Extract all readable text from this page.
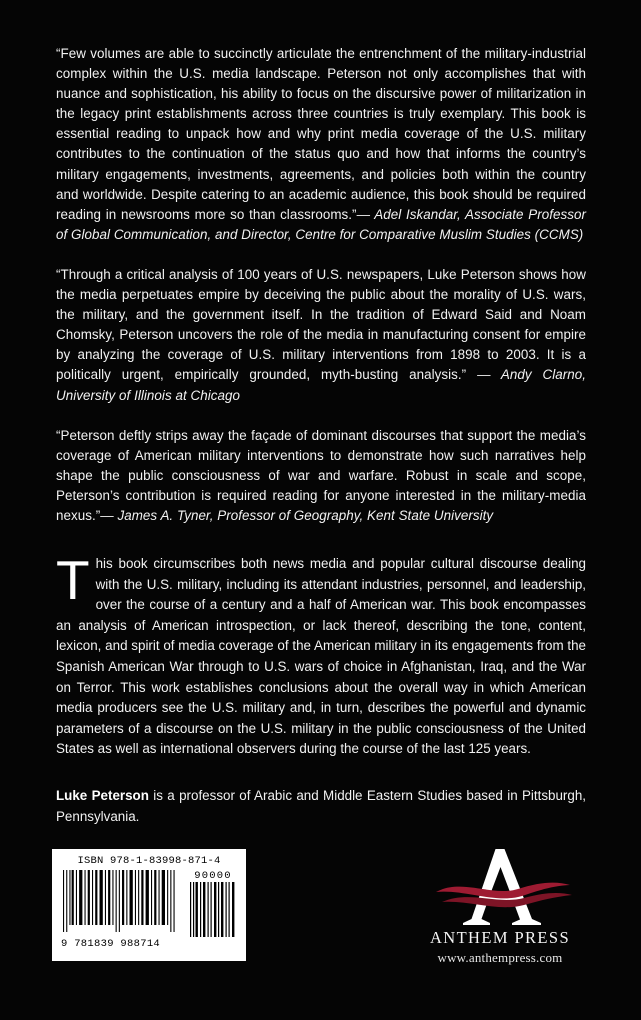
“Few volumes are able to succinctly articulate the entrenchment of the military-industrial complex within the U.S. media landscape. Peterson not only accomplishes that with nuance and sophistication, his ability to focus on the discursive power of militarization in the legacy print establishments across three countries is truly exemplary. This book is essential reading to unpack how and why print media coverage of the U.S. military contributes to the continuation of the status quo and how that informs the country’s military engagements, investments, agreements, and policies both within the country and worldwide. Despite catering to an academic audience, this book should be required reading in newsrooms more so than classrooms.”— Adel Iskandar, Associate Professor of Global Communication, and Director, Centre for Comparative Muslim Studies (CCMS)

“Through a critical analysis of 100 years of U.S. newspapers, Luke Peterson shows how the media perpetuates empire by deceiving the public about the morality of U.S. wars, the military, and the government itself. In the tradition of Edward Said and Noam Chomsky, Peterson uncovers the role of the media in manufacturing consent for empire by analyzing the coverage of U.S. military interventions from 1898 to 2003. It is a politically urgent, empirically grounded, myth-busting analysis.” — Andy Clarno, University of Illinois at Chicago

“Peterson deftly strips away the façade of dominant discourses that support the media’s coverage of American military interventions to demonstrate how such narratives help shape the public consciousness of war and warfare. Robust in scale and scope, Peterson’s contribution is required reading for anyone interested in the military-media nexus.”— James A. Tyner, Professor of Geography, Kent State University

This book circumscribes both news media and popular cultural discourse dealing with the U.S. military, including its attendant industries, personnel, and leadership, over the course of a century and a half of American war. This book encompasses an analysis of American introspection, or lack thereof, describing the tone, content, lexicon, and spirit of media coverage of the American military in its engagements from the Spanish American War through to U.S. wars of choice in Afghanistan, Iraq, and the War on Terror. This work establishes conclusions about the overall way in which American media producers see the U.S. military and, in turn, describes the powerful and dynamic parameters of a discourse on the U.S. military in the public consciousness of the United States as well as international observers during the course of the last 125 years.

Luke Peterson is a professor of Arabic and Middle Eastern Studies based in Pittsburgh, Pennsylvania.

ISBN 978-1-83998-871-4
9 781839 988714
90000
ANTHEM PRESS
www.anthempress.com
